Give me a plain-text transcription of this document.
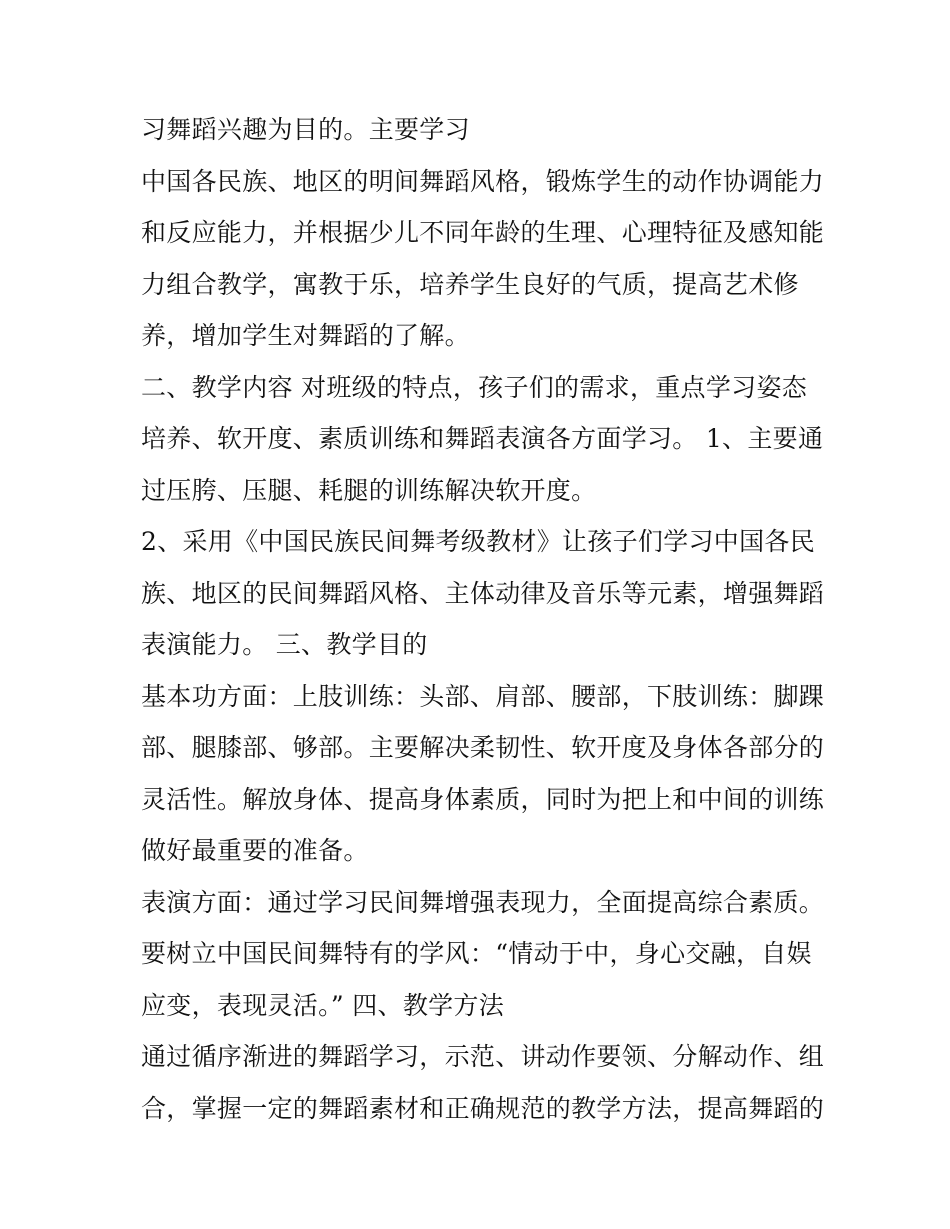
习舞蹈兴趣为目的。主要学习
中国各民族、地区的明间舞蹈风格，锻炼学生的动作协调能力
和反应能力，并根据少儿不同年龄的生理、心理特征及感知能
力组合教学，寓教于乐，培养学生良好的气质，提高艺术修
养，增加学生对舞蹈的了解。
二、教学内容 对班级的特点，孩子们的需求，重点学习姿态
培养、软开度、素质训练和舞蹈表演各方面学习。 1、主要通
过压胯、压腿、耗腿的训练解决软开度。
2、采用《中国民族民间舞考级教材》让孩子们学习中国各民
族、地区的民间舞蹈风格、主体动律及音乐等元素，增强舞蹈
表演能力。 三、教学目的
基本功方面：上肢训练：头部、肩部、腰部，下肢训练：脚踝
部、腿膝部、够部。主要解决柔韧性、软开度及身体各部分的
灵活性。解放身体、提高身体素质，同时为把上和中间的训练
做好最重要的准备。
表演方面：通过学习民间舞增强表现力，全面提高综合素质。
要树立中国民间舞特有的学风：“情动于中，身心交融，自娱
应变，表现灵活。” 四、教学方法
通过循序渐进的舞蹈学习，示范、讲动作要领、分解动作、组
合，掌握一定的舞蹈素材和正确规范的教学方法，提高舞蹈的
